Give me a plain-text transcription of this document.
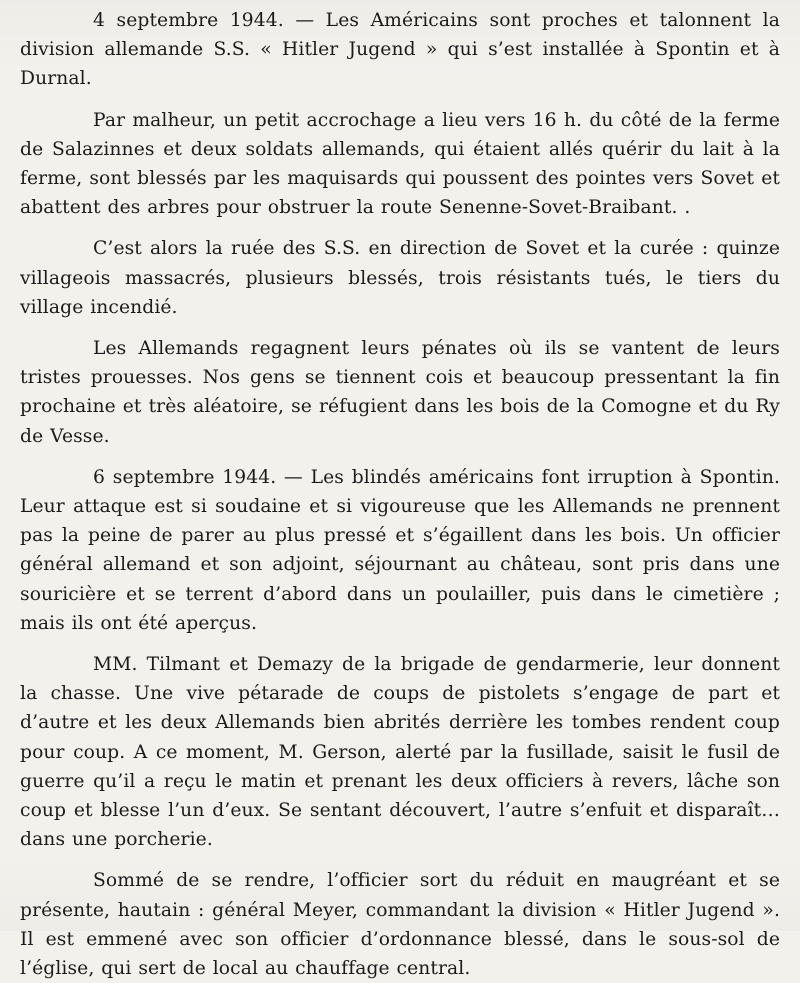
4 septembre 1944. — Les Américains sont proches et talonnent la division allemande S.S. « Hitler Jugend » qui s’est installée à Spontin et à Durnal.

Par malheur, un petit accrochage a lieu vers 16 h. du côté de la ferme de Salazinnes et deux soldats allemands, qui étaient allés quérir du lait à la ferme, sont blessés par les maquisards qui poussent des pointes vers Sovet et abattent des arbres pour obstruer la route Senenne-Sovet-Braibant. .

C’est alors la ruée des S.S. en direction de Sovet et la curée : quinze villageois massacrés, plusieurs blessés, trois résistants tués, le tiers du village incendié.

Les Allemands regagnent leurs pénates où ils se vantent de leurs tristes prouesses. Nos gens se tiennent cois et beaucoup pressentant la fin prochaine et très aléatoire, se réfugient dans les bois de la Comogne et du Ry de Vesse.

6 septembre 1944. — Les blindés américains font irruption à Spontin. Leur attaque est si soudaine et si vigoureuse que les Allemands ne prennent pas la peine de parer au plus pressé et s’égaillent dans les bois. Un officier général allemand et son adjoint, séjournant au château, sont pris dans une souricière et se terrent d’abord dans un poulailler, puis dans le cimetière ; mais ils ont été aperçus.

MM. Tilmant et Demazy de la brigade de gendarmerie, leur donnent la chasse. Une vive pétarade de coups de pistolets s’engage de part et d’autre et les deux Allemands bien abrités derrière les tombes rendent coup pour coup. A ce moment, M. Gerson, alerté par la fusillade, saisit le fusil de guerre qu’il a reçu le matin et prenant les deux officiers à revers, lâche son coup et blesse l’un d’eux. Se sentant découvert, l’autre s’enfuit et disparaît… dans une porcherie.

Sommé de se rendre, l’officier sort du réduit en maugréant et se présente, hautain : général Meyer, commandant la division « Hitler Jugend ». Il est emmené avec son officier d’ordonnance blessé, dans le sous-sol de l’église, qui sert de local au chauffage central.
